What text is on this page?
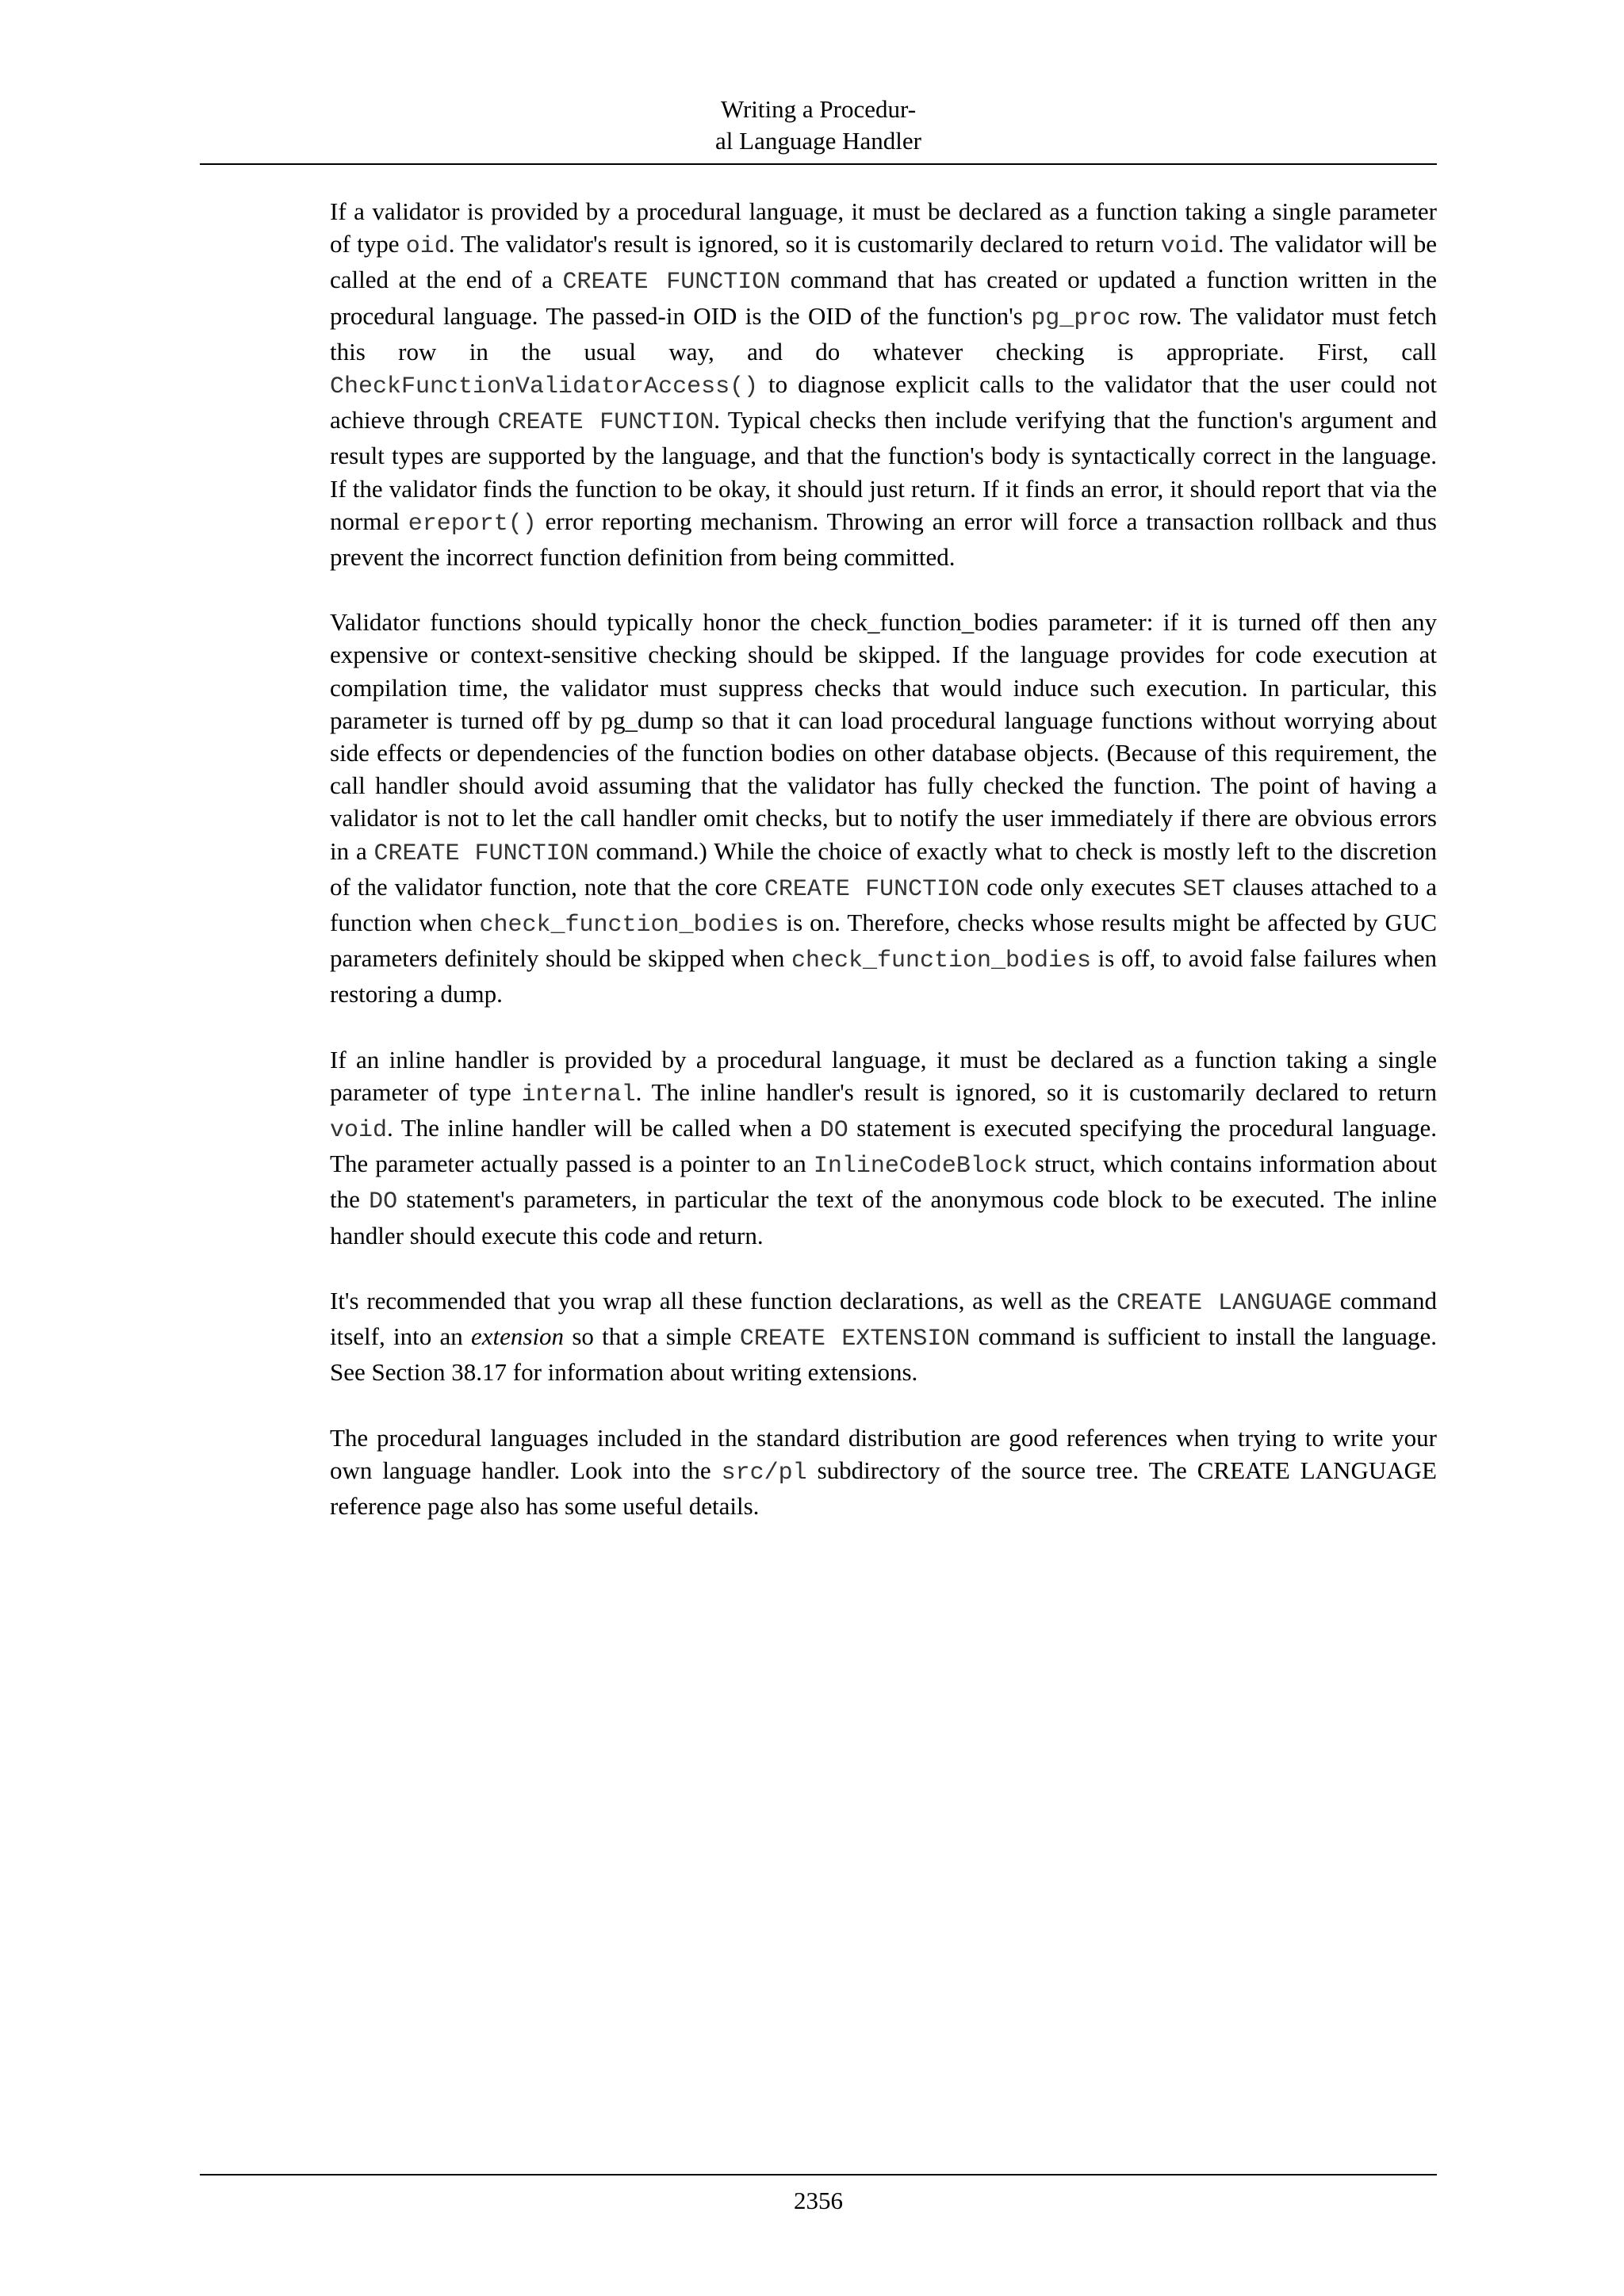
Writing a Procedur-
al Language Handler

If a validator is provided by a procedural language, it must be declared as a function taking a single parameter of type oid. The validator's result is ignored, so it is customarily declared to return void. The validator will be called at the end of a CREATE FUNCTION command that has created or updated a function written in the procedural language. The passed-in OID is the OID of the function's pg_proc row. The validator must fetch this row in the usual way, and do whatever checking is appropriate. First, call CheckFunctionValidatorAccess() to diagnose explicit calls to the validator that the user could not achieve through CREATE FUNCTION. Typical checks then include verifying that the function's argument and result types are supported by the language, and that the function's body is syntactically correct in the language. If the validator finds the function to be okay, it should just return. If it finds an error, it should report that via the normal ereport() error reporting mechanism. Throwing an error will force a transaction rollback and thus prevent the incorrect function definition from being committed.

Validator functions should typically honor the check_function_bodies parameter: if it is turned off then any expensive or context-sensitive checking should be skipped. If the language provides for code execution at compilation time, the validator must suppress checks that would induce such execution. In particular, this parameter is turned off by pg_dump so that it can load procedural language functions without worrying about side effects or dependencies of the function bodies on other database objects. (Because of this requirement, the call handler should avoid assuming that the validator has fully checked the function. The point of having a validator is not to let the call handler omit checks, but to notify the user immediately if there are obvious errors in a CREATE FUNCTION command.) While the choice of exactly what to check is mostly left to the discretion of the validator function, note that the core CREATE FUNCTION code only executes SET clauses attached to a function when check_function_bodies is on. Therefore, checks whose results might be affected by GUC parameters definitely should be skipped when check_function_bodies is off, to avoid false failures when restoring a dump.

If an inline handler is provided by a procedural language, it must be declared as a function taking a single parameter of type internal. The inline handler's result is ignored, so it is customarily declared to return void. The inline handler will be called when a DO statement is executed specifying the procedural language. The parameter actually passed is a pointer to an InlineCodeBlock struct, which contains information about the DO statement's parameters, in particular the text of the anonymous code block to be executed. The inline handler should execute this code and return.

It's recommended that you wrap all these function declarations, as well as the CREATE LANGUAGE command itself, into an extension so that a simple CREATE EXTENSION command is sufficient to install the language. See Section 38.17 for information about writing extensions.

The procedural languages included in the standard distribution are good references when trying to write your own language handler. Look into the src/pl subdirectory of the source tree. The CREATE LANGUAGE reference page also has some useful details.

2356
